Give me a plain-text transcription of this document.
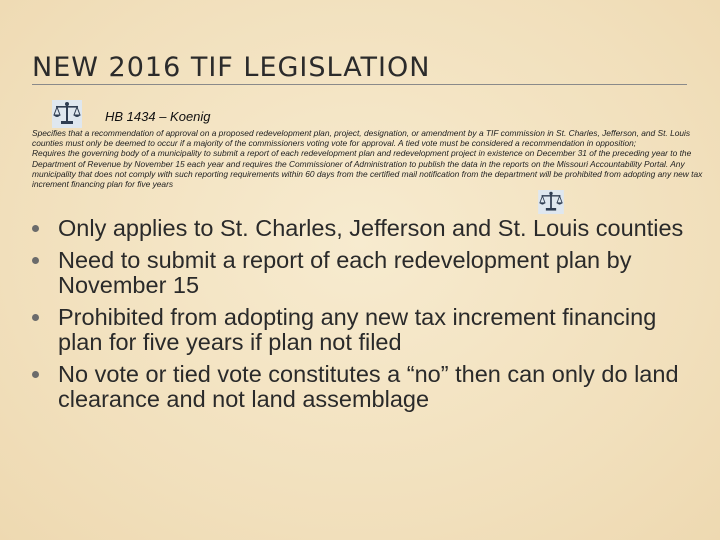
NEW 2016 TIF LEGISLATION
HB 1434 – Koenig

Specifies that a recommendation of approval on a proposed redevelopment plan, project, designation, or amendment by a TIF commission in St. Charles, Jefferson, and St. Louis counties must only be deemed to occur if a majority of the commissioners voting vote for approval. A tied vote must be considered a recommendation in opposition;

Requires the governing body of a municipality to submit a report of each redevelopment plan and redevelopment project in existence on December 31 of the preceding year to the Department of Revenue by November 15 each year and requires the Commissioner of Administration to publish the data in the reports on the Missouri Accountability Portal. Any municipality that does not comply with such reporting requirements within 60 days from the certified mail notification from the department will be prohibited from adopting any new tax increment financing plan for five years

Only applies to St. Charles, Jefferson and St. Louis counties
Need to submit a report of each redevelopment plan by November 15
Prohibited from adopting any new tax increment financing plan for five years if plan not filed
No vote or tied vote constitutes a “no” then can only do land clearance and not land assemblage
